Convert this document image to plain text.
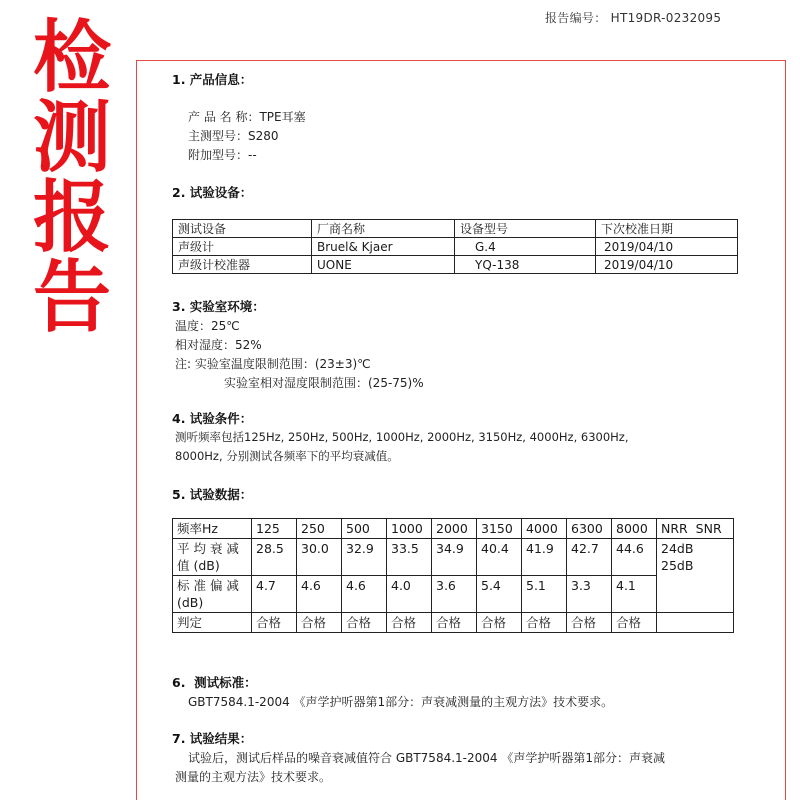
报告编号： HT19DR-0232095
检
测
报
告
1. 产品信息：
产 品 名 称：TPE耳塞
主测型号：S280
附加型号：--
2. 试验设备：
测试设备	厂商名称	设备型号	下次校准日期
声级计	Bruel& Kjaer	G.4	2019/04/10
声级计校准器	UONE	YQ-138	2019/04/10
3. 实验室环境：
温度：25℃
相对湿度：52%
注: 实验室温度限制范围：(23±3)℃
实验室相对湿度限制范围：(25-75)%
4. 试验条件：
测听频率包括125Hz, 250Hz, 500Hz, 1000Hz, 2000Hz, 3150Hz, 4000Hz, 6300Hz,
8000Hz, 分别测试各频率下的平均衰减值。
5. 试验数据：
频率Hz	125	250	500	1000	2000	3150	4000	6300	8000	NRR  SNR

平 均 衰 减
值 (dB)	28.5	30.0	32.9	33.5	34.9	40.4	41.9	42.7	44.6	24dB 25dB

标 准 偏 减
(dB)	4.7	4.6	4.6	4.0	3.6	5.4	5.1	3.3	4.1	
判定	合格	合格	合格	合格	合格	合格	合格	合格	合格	
6.  测试标准：
GBT7584.1-2004 《声学护听器第1部分：声衰减测量的主观方法》技术要求。
7. 试验结果：
试验后，测试后样品的噪音衰减值符合 GBT7584.1-2004 《声学护听器第1部分：声衰减
测量的主观方法》技术要求。
